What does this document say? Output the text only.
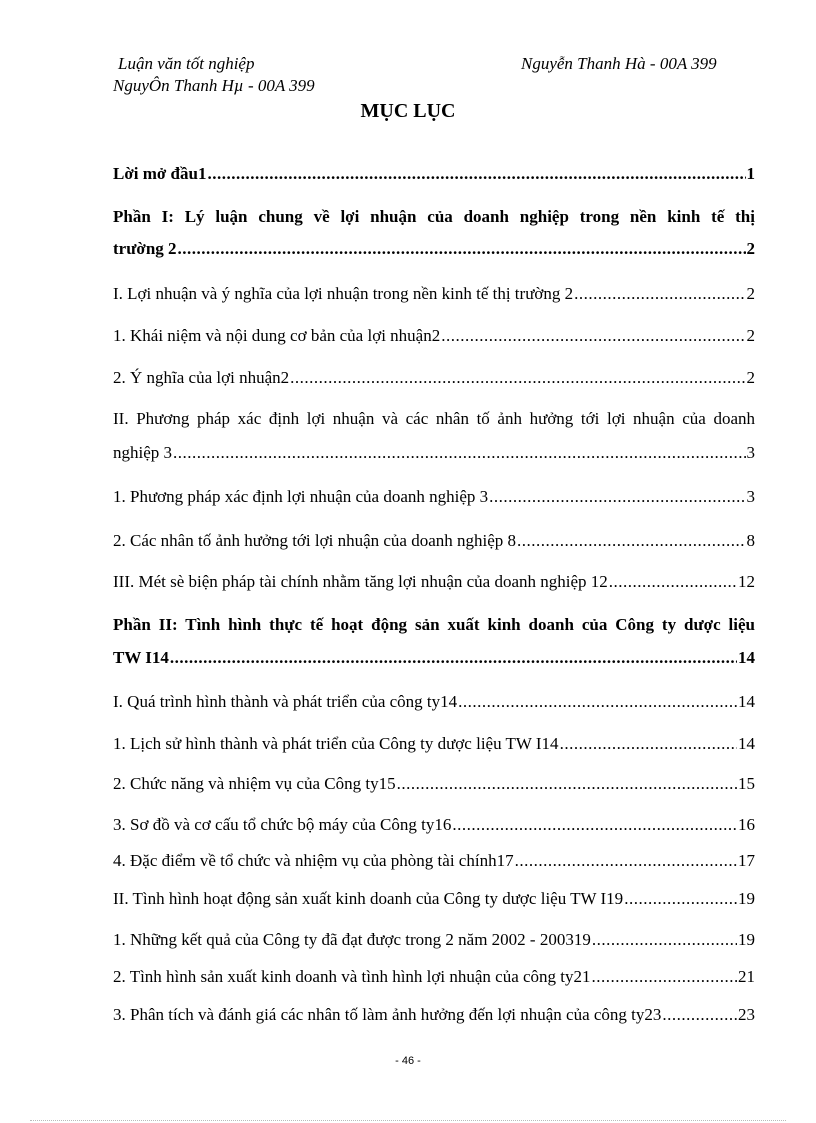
Luận văn tốt nghiệp	Nguyễn Thanh Hà - 00A 399
NguyÔn Thanh Hµ - 00A 399
MỤC LỤC
Lời mở đầu1 .....	1
Phần I: Lý luận chung về lợi nhuận của doanh nghiệp trong nền kinh tế thị
trường 2 .....	2
I. Lợi nhuận và ý nghĩa của lợi nhuận trong nền kinh tế thị trường 2 .....	2
1. Khái niệm và nội dung cơ bản của lợi nhuận2 .....	2
2. Ý nghĩa của lợi nhuận2 .....	2
II. Phương pháp xác định lợi nhuận và các nhân tố ảnh hưởng tới lợi nhuận của doanh
nghiệp 3 .....	3
1. Phương pháp xác định lợi nhuận của doanh nghiệp 3 .....	3
2. Các nhân tố ảnh hưởng tới lợi nhuận của doanh nghiệp 8 .....	8
III. Mét sè biện pháp tài chính nhằm tăng lợi nhuận của doanh nghiệp 12 .....	12
Phần II: Tình hình thực tế hoạt động sản xuất kinh doanh của Công ty dược liệu
TW I14 .....	14
I. Quá trình hình thành và phát triển của công ty14 .....	14
1. Lịch sử hình thành và phát triển của Công ty dược liệu TW I14 .....	14
2. Chức năng và nhiệm vụ của Công ty15 .....	15
3. Sơ đồ và cơ cấu tổ chức bộ máy của Công ty16 .....	16
4. Đặc điểm về tổ chức và nhiệm vụ của phòng tài chính17 .....	17
II. Tình hình hoạt động sản xuất kinh doanh của Công ty dược liệu TW I19 .....	19
1. Những kết quả của Công ty đã đạt được trong 2 năm 2002 - 200319 .....	19
2. Tình hình sản xuất kinh doanh và tình hình lợi nhuận của công ty21 .....	21
3. Phân tích và đánh giá các nhân tố làm ảnh hưởng đến lợi nhuận của công ty23 .....	23
- 46 -
